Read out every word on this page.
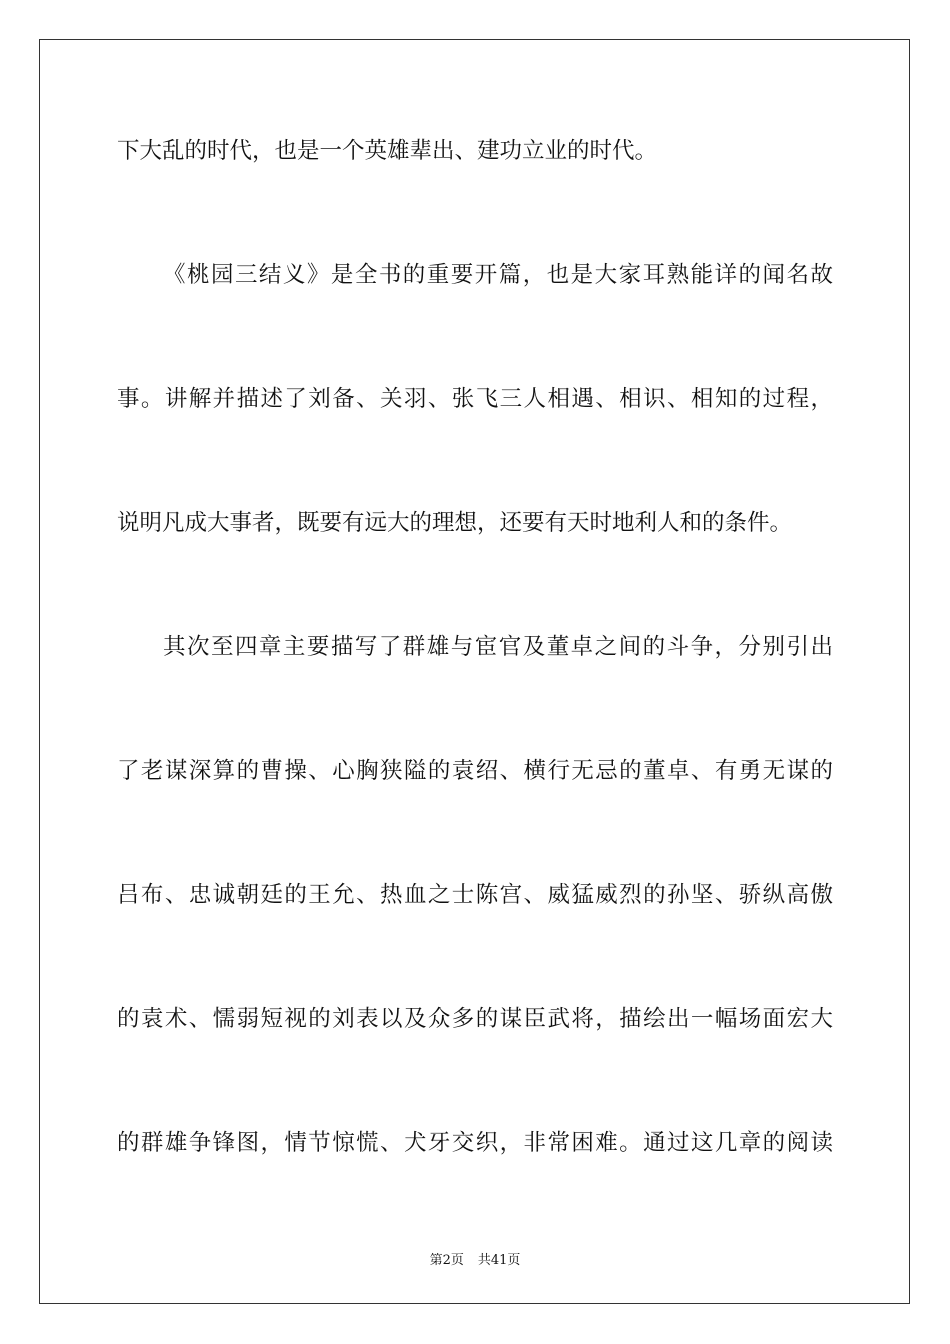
下大乱的时代，也是一个英雄辈出、建功立业的时代。
《桃园三结义》是全书的重要开篇，也是大家耳熟能详的闻名故
事。讲解并描述了刘备、关羽、张飞三人相遇、相识、相知的过程，
说明凡成大事者，既要有远大的理想，还要有天时地利人和的条件。
其次至四章主要描写了群雄与宦官及董卓之间的斗争，分别引出
了老谋深算的曹操、心胸狭隘的袁绍、横行无忌的董卓、有勇无谋的
吕布、忠诚朝廷的王允、热血之士陈宫、威猛威烈的孙坚、骄纵高傲
的袁术、懦弱短视的刘表以及众多的谋臣武将，描绘出一幅场面宏大
的群雄争锋图，情节惊慌、犬牙交织，非常困难。通过这几章的阅读
第2页 共41页
